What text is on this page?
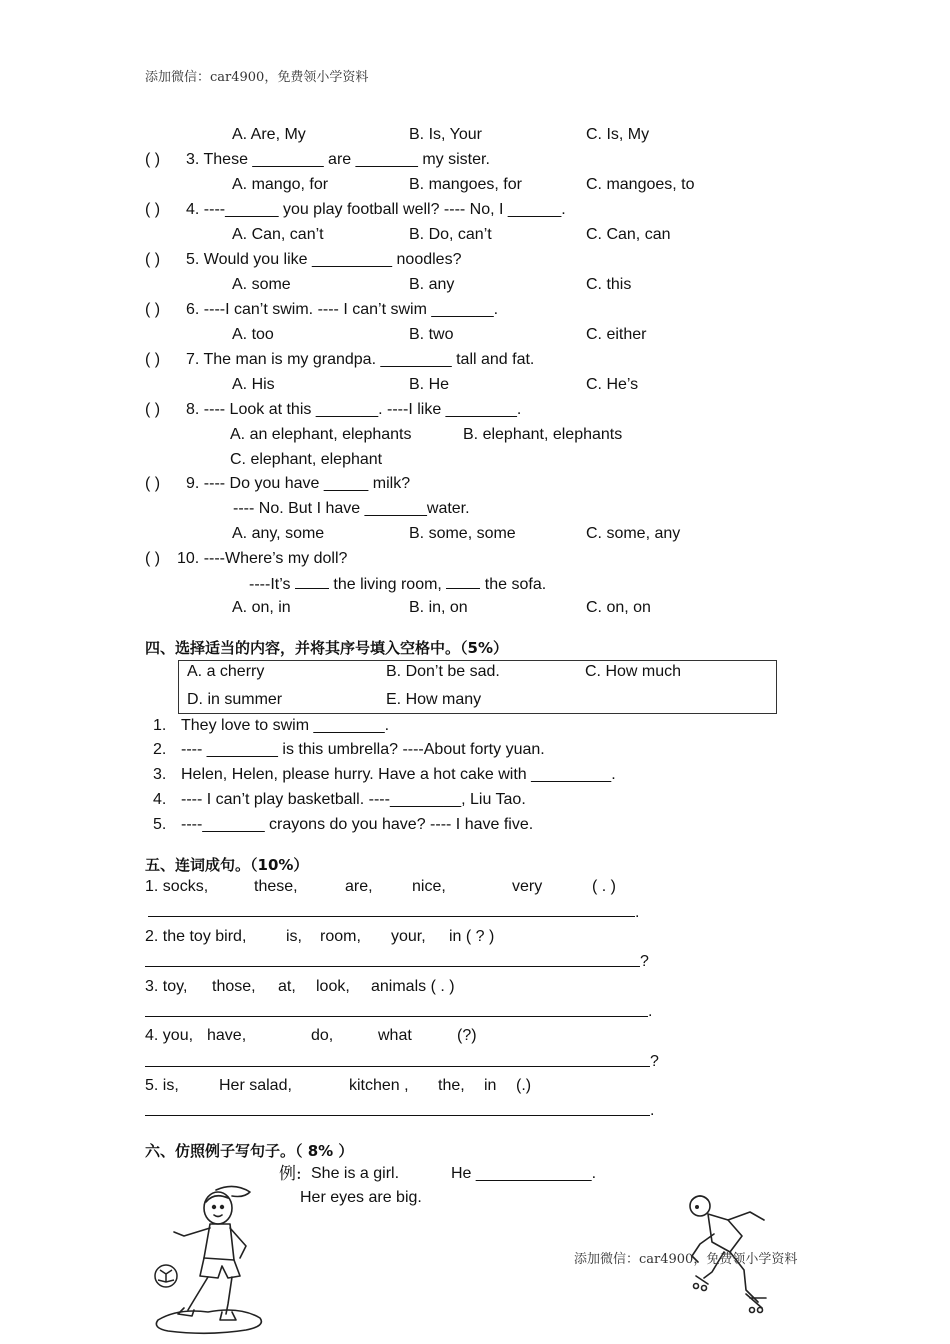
添加微信：car4900，免费领小学资料
A. Are, My	B. Is, Your	C. Is, My
( ) 3. These ________ are _______ my sister.
A. mango, for	B. mangoes, for	C. mangoes, to
( ) 4. ----______ you play football well? ---- No, I ______.
A. Can, can’t	B. Do, can’t	C. Can, can
( ) 5. Would you like _________ noodles?
A. some	B. any	C. this
( ) 6. ----I can’t swim. ---- I can’t swim _______.
A. too	B. two	C. either
( ) 7. The man is my grandpa. ________ tall and fat.
A. His	B. He	C. He’s
( ) 8. ---- Look at this _______. ----I like ________.
A. an elephant, elephants	B. elephant, elephants
C. elephant, elephant
( ) 9. ---- Do you have _____ milk?
---- No. But I have _______water.
A. any, some	B. some, some	C. some, any
( ) 10. ----Where’s my doll?
----It’s	the living room,	the sofa.
A. on, in	B. in, on	C. on, on
四、选择适当的内容，并将其序号填入空格中。（5%）
A. a cherry	B. Don’t be sad.	C. How much
D. in summer	E. How many
1. They love to swim ________.
2. ---- ________ is this umbrella? ----About forty yuan.
3. Helen, Helen, please hurry. Have a hot cake with _________.
4. ---- I can’t play basketball. ----________, Liu Tao.
5. ----_______ crayons do you have? ---- I have five.
五、连词成句。（10%）
1. socks,	these,	are, nice,	very	( . )
.
2. the toy bird, is, room, your, in ( ? )
?
3. toy, those, at, look, animals ( . )
.
4. you, have,	do,	what	(?)
?
5. is,	Her salad,	kitchen , the, in (.)
.
六、仿照例子写句子。（ 8% ）
例: She is a girl.	He _____________.
Her eyes are big.
添加微信：car4900，免费领小学资料
